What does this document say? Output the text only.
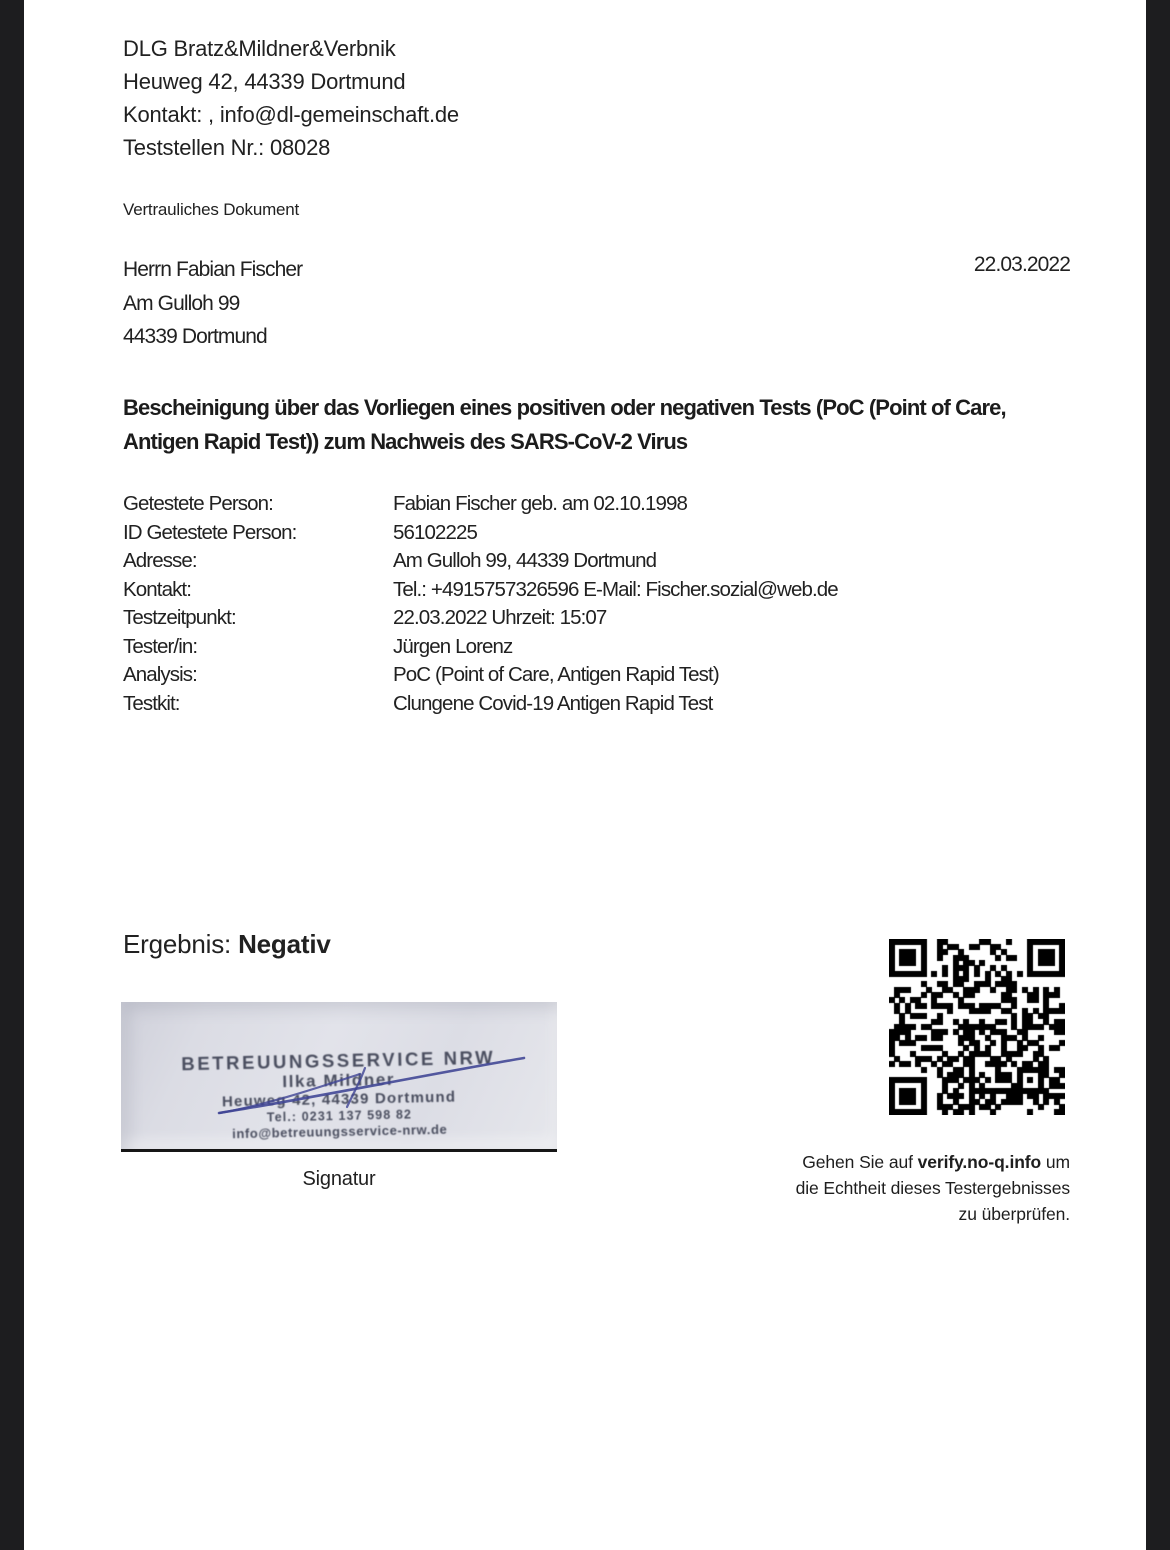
DLG Bratz&Mildner&Verbnik
Heuweg 42, 44339 Dortmund
Kontakt: , info@dl-gemeinschaft.de
Teststellen Nr.: 08028
Vertrauliches Dokument
Herrn Fabian Fischer
Am Gulloh 99
44339 Dortmund
22.03.2022
Bescheinigung über das Vorliegen eines positiven oder negativen Tests (PoC (Point of Care,
Antigen Rapid Test)) zum Nachweis des SARS-CoV-2 Virus
Getestete Person:	Fabian Fischer geb. am 02.10.1998
ID Getestete Person:	56102225
Adresse:	Am Gulloh 99, 44339 Dortmund
Kontakt:	Tel.: +4915757326596 E-Mail: Fischer.sozial@web.de
Testzeitpunkt:	22.03.2022 Uhrzeit: 15:07
Tester/in:	Jürgen Lorenz
Analysis:	PoC (Point of Care, Antigen Rapid Test)
Testkit:	Clungene Covid-19 Antigen Rapid Test
Ergebnis: Negativ
BETREUUNGSSERVICE NRW
Ilka Mildner
Heuweg 42, 44339 Dortmund
Tel.: 0231 137 598 82
info@betreuungsservice-nrw.de
Signatur
Gehen Sie auf verify.no-q.info um
die Echtheit dieses Testergebnisses
zu überprüfen.
